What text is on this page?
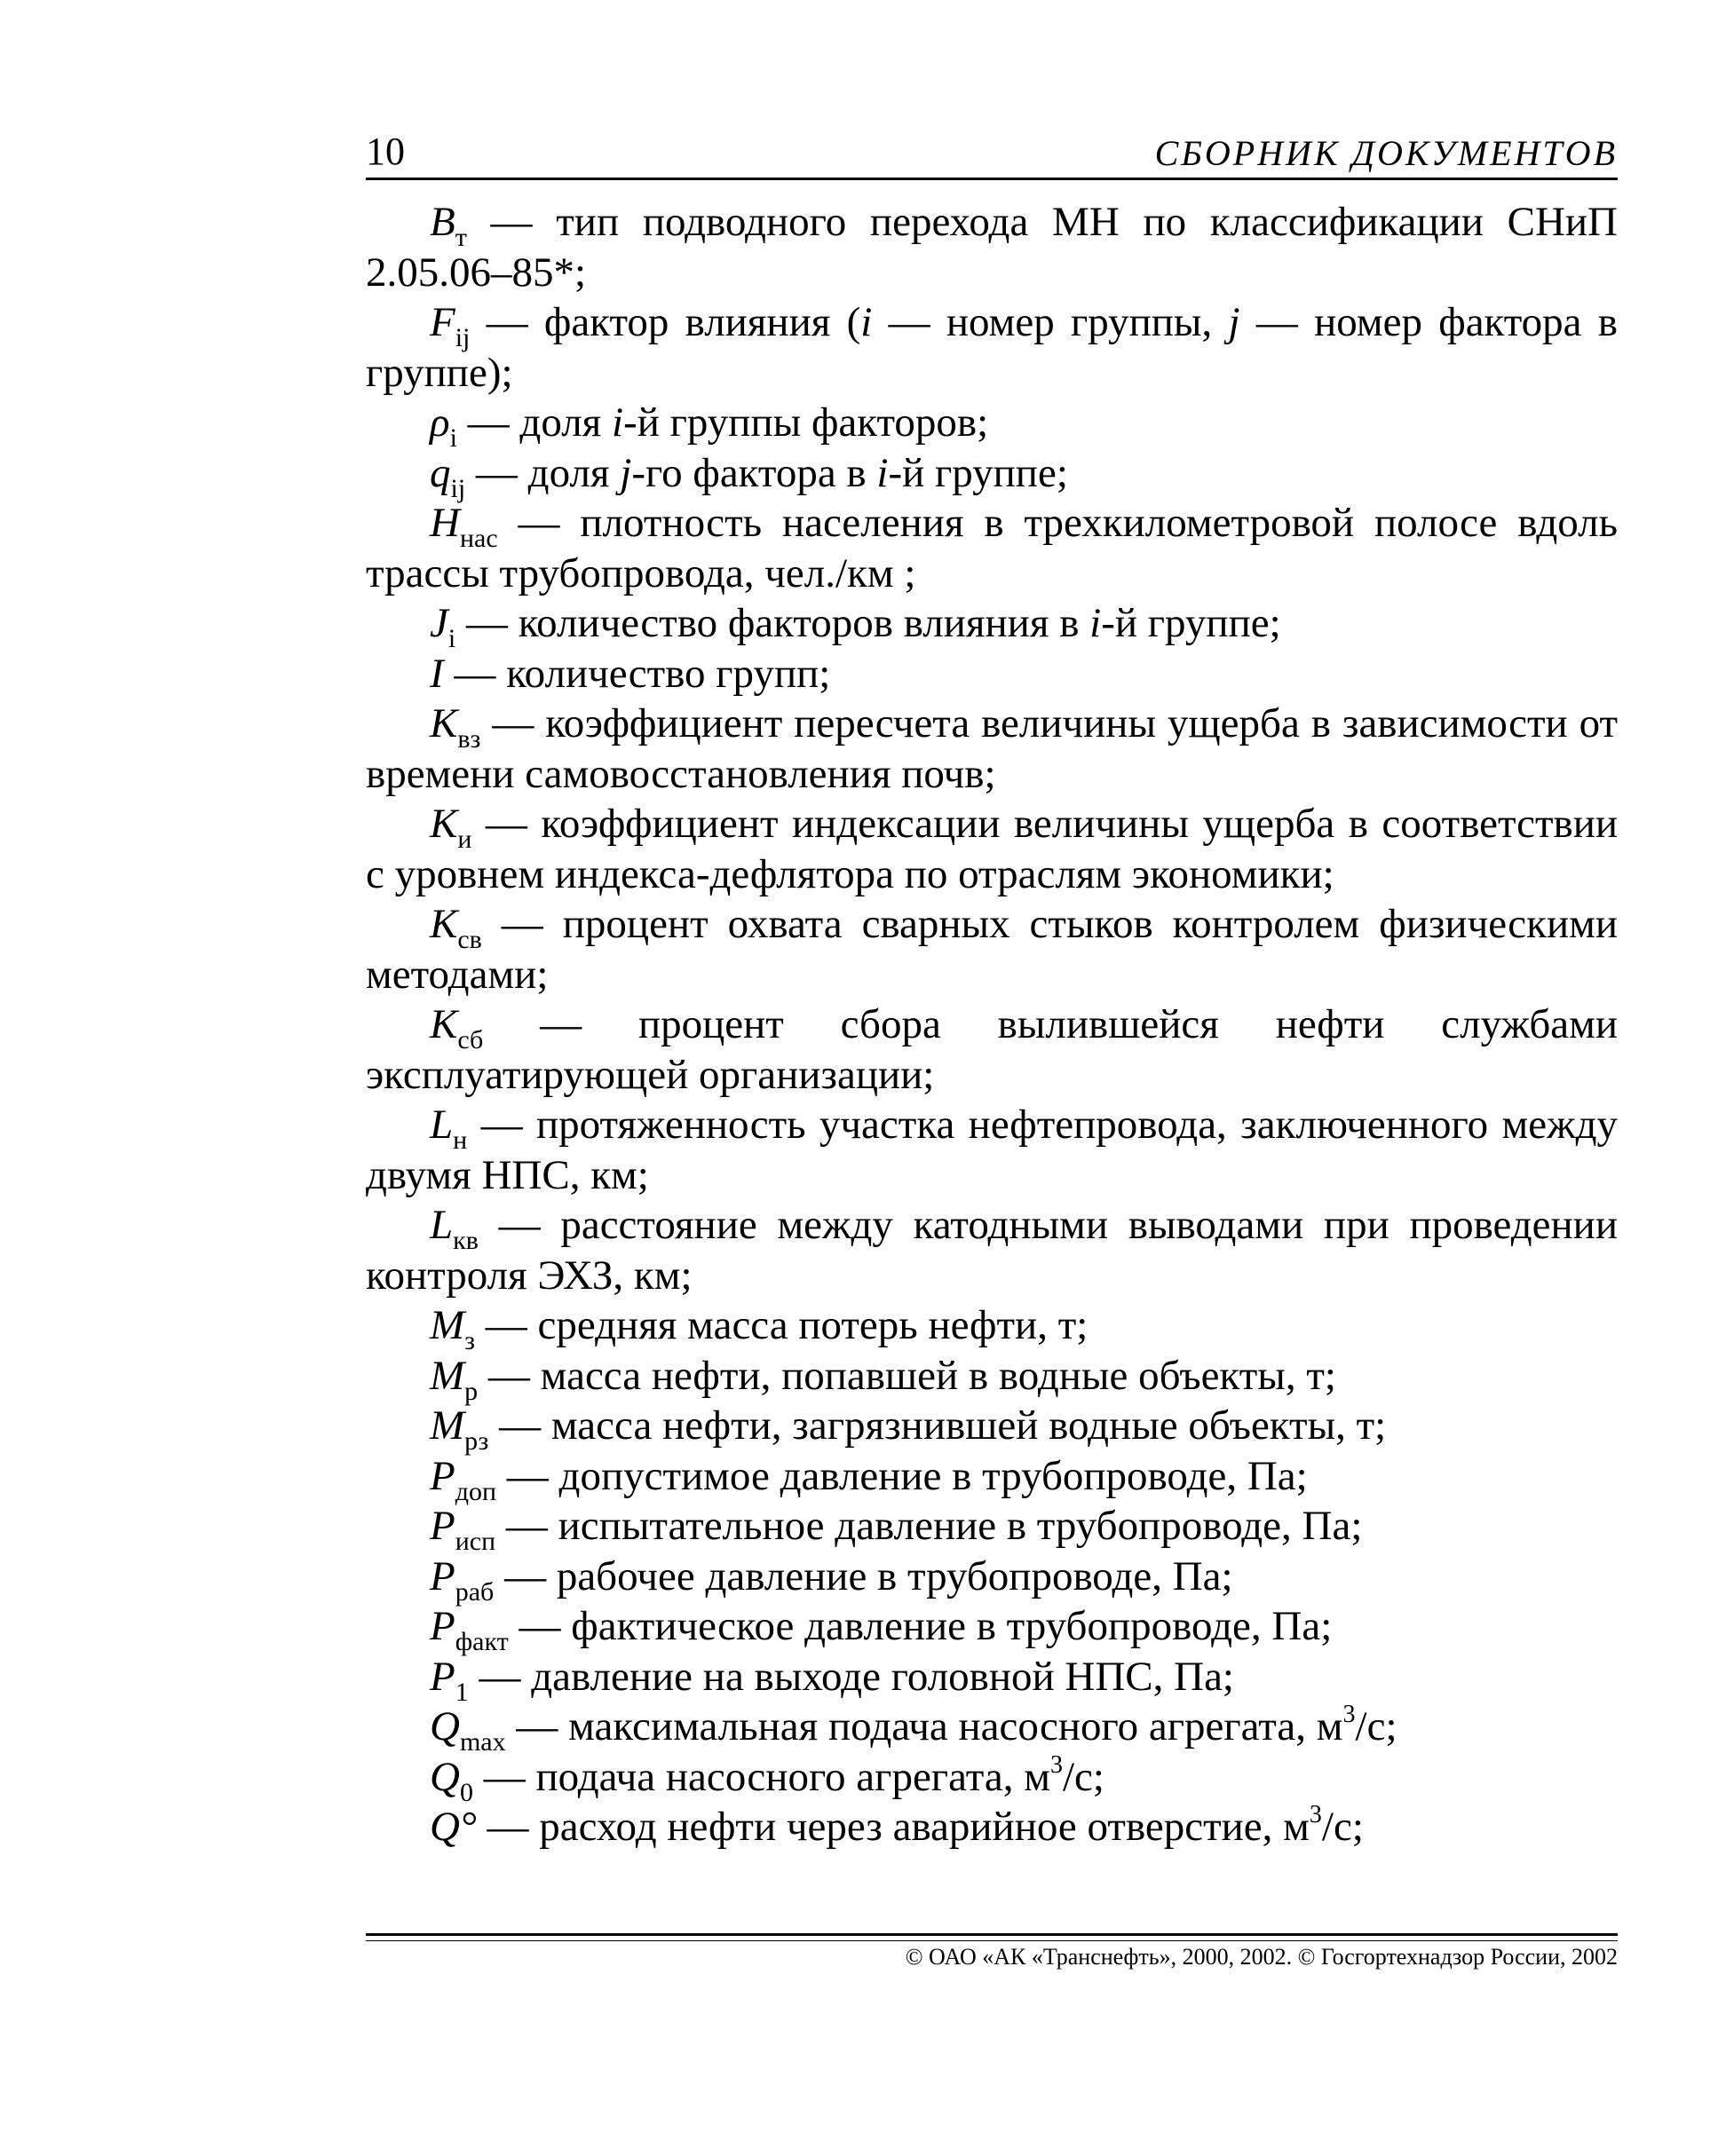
10	СБОРНИК ДОКУМЕНТОВ

$B_т$ — тип подводного перехода МН по классификации СНиП 2.05.06–85*;

$F_{ij}$ — фактор влияния (i — номер группы, j — номер фактора в группе);

$\rho_i$ — доля i-й группы факторов;

$q_{ij}$ — доля j-го фактора в i-й группе;

$H_{нас}$ — плотность населения в трехкилометровой полосе вдоль трассы трубопровода, чел./км ;

$J_i$ — количество факторов влияния в i-й группе;

I — количество групп;

$K_{вз}$ — коэффициент пересчета величины ущерба в зависимости от времени самовосстановления почв;

$K_и$ — коэффициент индексации величины ущерба в соответствии с уровнем индекса-дефлятора по отраслям экономики;

$K_{св}$ — процент охвата сварных стыков контролем физическими методами;

$K_{сб}$ — процент сбора вылившейся нефти службами эксплуатирующей организации;

$L_н$ — протяженность участка нефтепровода, заключенного между двумя НПС, км;

$L_{кв}$ — расстояние между катодными выводами при проведении контроля ЭХЗ, км;

$M_з$ — средняя масса потерь нефти, т;

$M_р$ — масса нефти, попавшей в водные объекты, т;

$M_{рз}$ — масса нефти, загрязнившей водные объекты, т;

$P_{доп}$ — допустимое давление в трубопроводе, Па;

$P_{исп}$ — испытательное давление в трубопроводе, Па;

$P_{раб}$ — рабочее давление в трубопроводе, Па;

$P_{факт}$ — фактическое давление в трубопроводе, Па;

$P_1$ — давление на выходе головной НПС, Па;

$Q_{max}$ — максимальная подача насосного агрегата, $м^3/с$;

$Q_0$ — подача насосного агрегата, $м^3/с$;

Q° — расход нефти через аварийное отверстие, $м^3/с$;

© ОАО «АК «Транснефть», 2000, 2002. © Госгортехнадзор России, 2002
